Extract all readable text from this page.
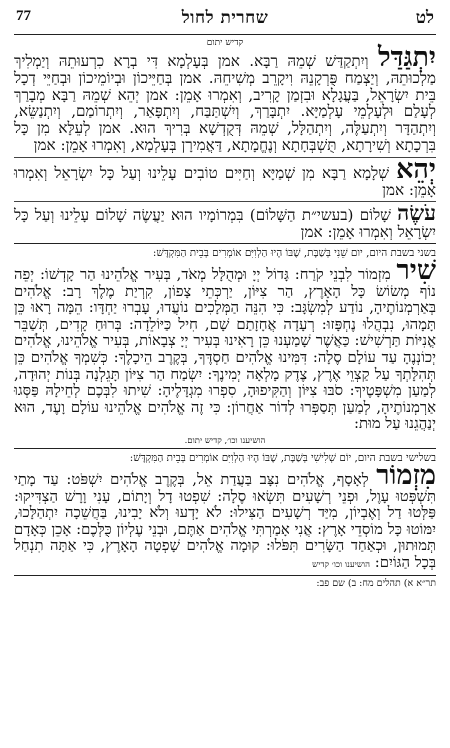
לט
שחרית לחול
77
קדיש יתום	יִתְגַּדַּל וְיִתְקַדַּשׁ שְׁמֵהּ רַבָּא. אמן בְּעָלְמָא דִּי בְרָא כִרְעוּתֵהּ וְיַמְלִיךְ מַלְכוּתֵהּ, וְיַצְמַח פֻּרְקָנֵהּ וִיקָרֵב מְשִׁיחֵהּ. אמן בְּחַיֵּיכוֹן וּבְיוֹמֵיכוֹן וּבְחַיֵּי דְכָל בֵּית יִשְׂרָאֵל, בַּעֲגָלָא וּבִזְמַן קָרִיב, וְאִמְרוּ אָמֵן: אמן יְהֵא שְׁמֵהּ רַבָּא מְבָרַךְ לְעָלַם וּלְעָלְמֵי עָלְמַיָּא. יִתְבָּרַךְ, וְיִשְׁתַּבַּח, וְיִתְפָּאַר, וְיִתְרוֹמַם, וְיִתְנַשֵּׂא, וְיִתְהַדָּר וְיִתְעַלֶּה, וְיִתְהַלָּל, שְׁמֵהּ דְּקֻדְשָׁא בְּרִיךְ הוּא. אמן לְעֵלָּא מִן כָּל בִּרְכָתָא וְשִׁירָתָא, תֻּשְׁבְּחָתָא וְנֶחֱמָתָא, דַּאֲמִירָן בְּעָלְמָא, וְאִמְרוּ אָמֵן: אמן

יְהֵא שְׁלָמָא רַבָּא מִן שְׁמַיָּא וְחַיִּים טוֹבִים עָלֵינוּ וְעַל כָּל יִשְׂרָאֵל וְאִמְרוּ אָמֵן: אמן

עֹשֶׂה שָׁלוֹם (בעשי״ת הַשָּׁלוֹם) בִּמְרוֹמָיו הוּא יַעֲשֶׂה שָׁלוֹם עָלֵינוּ וְעַל כָּל יִשְׂרָאֵל וְאִמְרוּ אָמֵן: אמן

בשני בשבת היום, יום שֵׁנִי בְּשַׁבָּת, שֶׁבּוֹ הָיוּ הַלְוִיִּם אוֹמְרִים בְּבֵית הַמִּקְדָּשׁ:

שִׁיר מִזְמוֹר לִבְנֵי קֹרַח: גָּדוֹל יְיָ וּמְהֻלָּל מְאֹד, בְּעִיר אֱלֹהֵינוּ הַר קָדְשׁוֹ: יְפֵה נוֹף מְשׂוֹשׂ כָּל הָאָרֶץ, הַר צִיּוֹן, יַרְכְּתֵי צָפוֹן, קִרְיַת מֶלֶךְ רָב: אֱלֹהִים בְּאַרְמְנוֹתֶיהָ, נוֹדַע לְמִשְׂגָּב: כִּי הִנֵּה הַמְּלָכִים נוֹעֲדוּ, עָבְרוּ יַחְדָּו: הֵמָּה רָאוּ כֵּן תָּמָהוּ, נִבְהֲלוּ נֶחְפָּזוּ: רְעָדָה אֲחָזָתַם שָׁם, חִיל כַּיּוֹלֵדָה: בְּרוּחַ קָדִים, תְּשַׁבֵּר אֳנִיּוֹת תַּרְשִׁישׁ: כַּאֲשֶׁר שָׁמַעְנוּ כֵּן רָאִינוּ בְּעִיר יְיָ צְבָאוֹת, בְּעִיר אֱלֹהֵינוּ, אֱלֹהִים יְכוֹנְנֶהָ עַד עוֹלָם סֶלָה: דִּמִּינוּ אֱלֹהִים חַסְדֶּךָ, בְּקֶרֶב הֵיכָלֶךָ: כְּשִׁמְךָ אֱלֹהִים כֵּן תְּהִלָּתְךָ עַל קַצְוֵי אֶרֶץ, צֶדֶק מָלְאָה יְמִינֶךָ: יִשְׂמַח הַר צִיּוֹן תָּגֵלְנָה בְּנוֹת יְהוּדָה, לְמַעַן מִשְׁפָּטֶיךָ: סֹבּוּ צִיּוֹן וְהַקִּיפוּהָ, סִפְרוּ מִגְדָּלֶיהָ: שִׁיתוּ לִבְּכֶם לְחֵילָהּ פַּסְּגוּ אַרְמְנוֹתֶיהָ, לְמַעַן תְּסַפְּרוּ לְדוֹר אַחֲרוֹן: כִּי זֶה אֱלֹהִים אֱלֹהֵינוּ עוֹלָם וָעֶד, הוּא יְנַהֲגֵנוּ עַל מוּת:

הושיענו וכו׳, קדיש יתום.
בשלישי בשבת היום, יוֹם שְׁלִישִׁי בְּשַׁבָּת, שֶׁבּוֹ הָיוּ הַלְוִיִּם אוֹמְרִים בְּבֵית הַמִּקְדָּשׁ:

מִזְמוֹר לְאָסָף, אֱלֹהִים נִצָּב בַּעֲדַת אֵל, בְּקֶרֶב אֱלֹהִים יִשְׁפֹּט: עַד מָתַי תִּשְׁפְּטוּ עָוֶל, וּפְנֵי רְשָׁעִים תִּשְׂאוּ סֶלָה: שִׁפְטוּ דָל וְיָתוֹם, עָנִי וָרָשׁ הַצְדִּיקוּ: פַּלְּטוּ דַל וְאֶבְיוֹן, מִיַּד רְשָׁעִים הַצִּילוּ: לֹא יָדְעוּ וְלֹא יָבִינוּ, בַּחֲשֵׁכָה יִתְהַלָּכוּ, יִמּוֹטוּ כָּל מוֹסְדֵי אָרֶץ: אֲנִי אָמַרְתִּי אֱלֹהִים אַתֶּם, וּבְנֵי עֶלְיוֹן כֻּלְּכֶם: אָכֵן כְּאָדָם תְּמוּתוּן, וּכְאַחַד הַשָּׂרִים תִּפֹּלוּ: קוּמָה אֱלֹהִים שָׁפְטָה הָאָרֶץ, כִּי אַתָּה תִנְחַל בְּכָל הַגּוֹיִם: הושיענו וכו׳ קדיש

תר״א א) תהלים מח: ב) שם פב:
